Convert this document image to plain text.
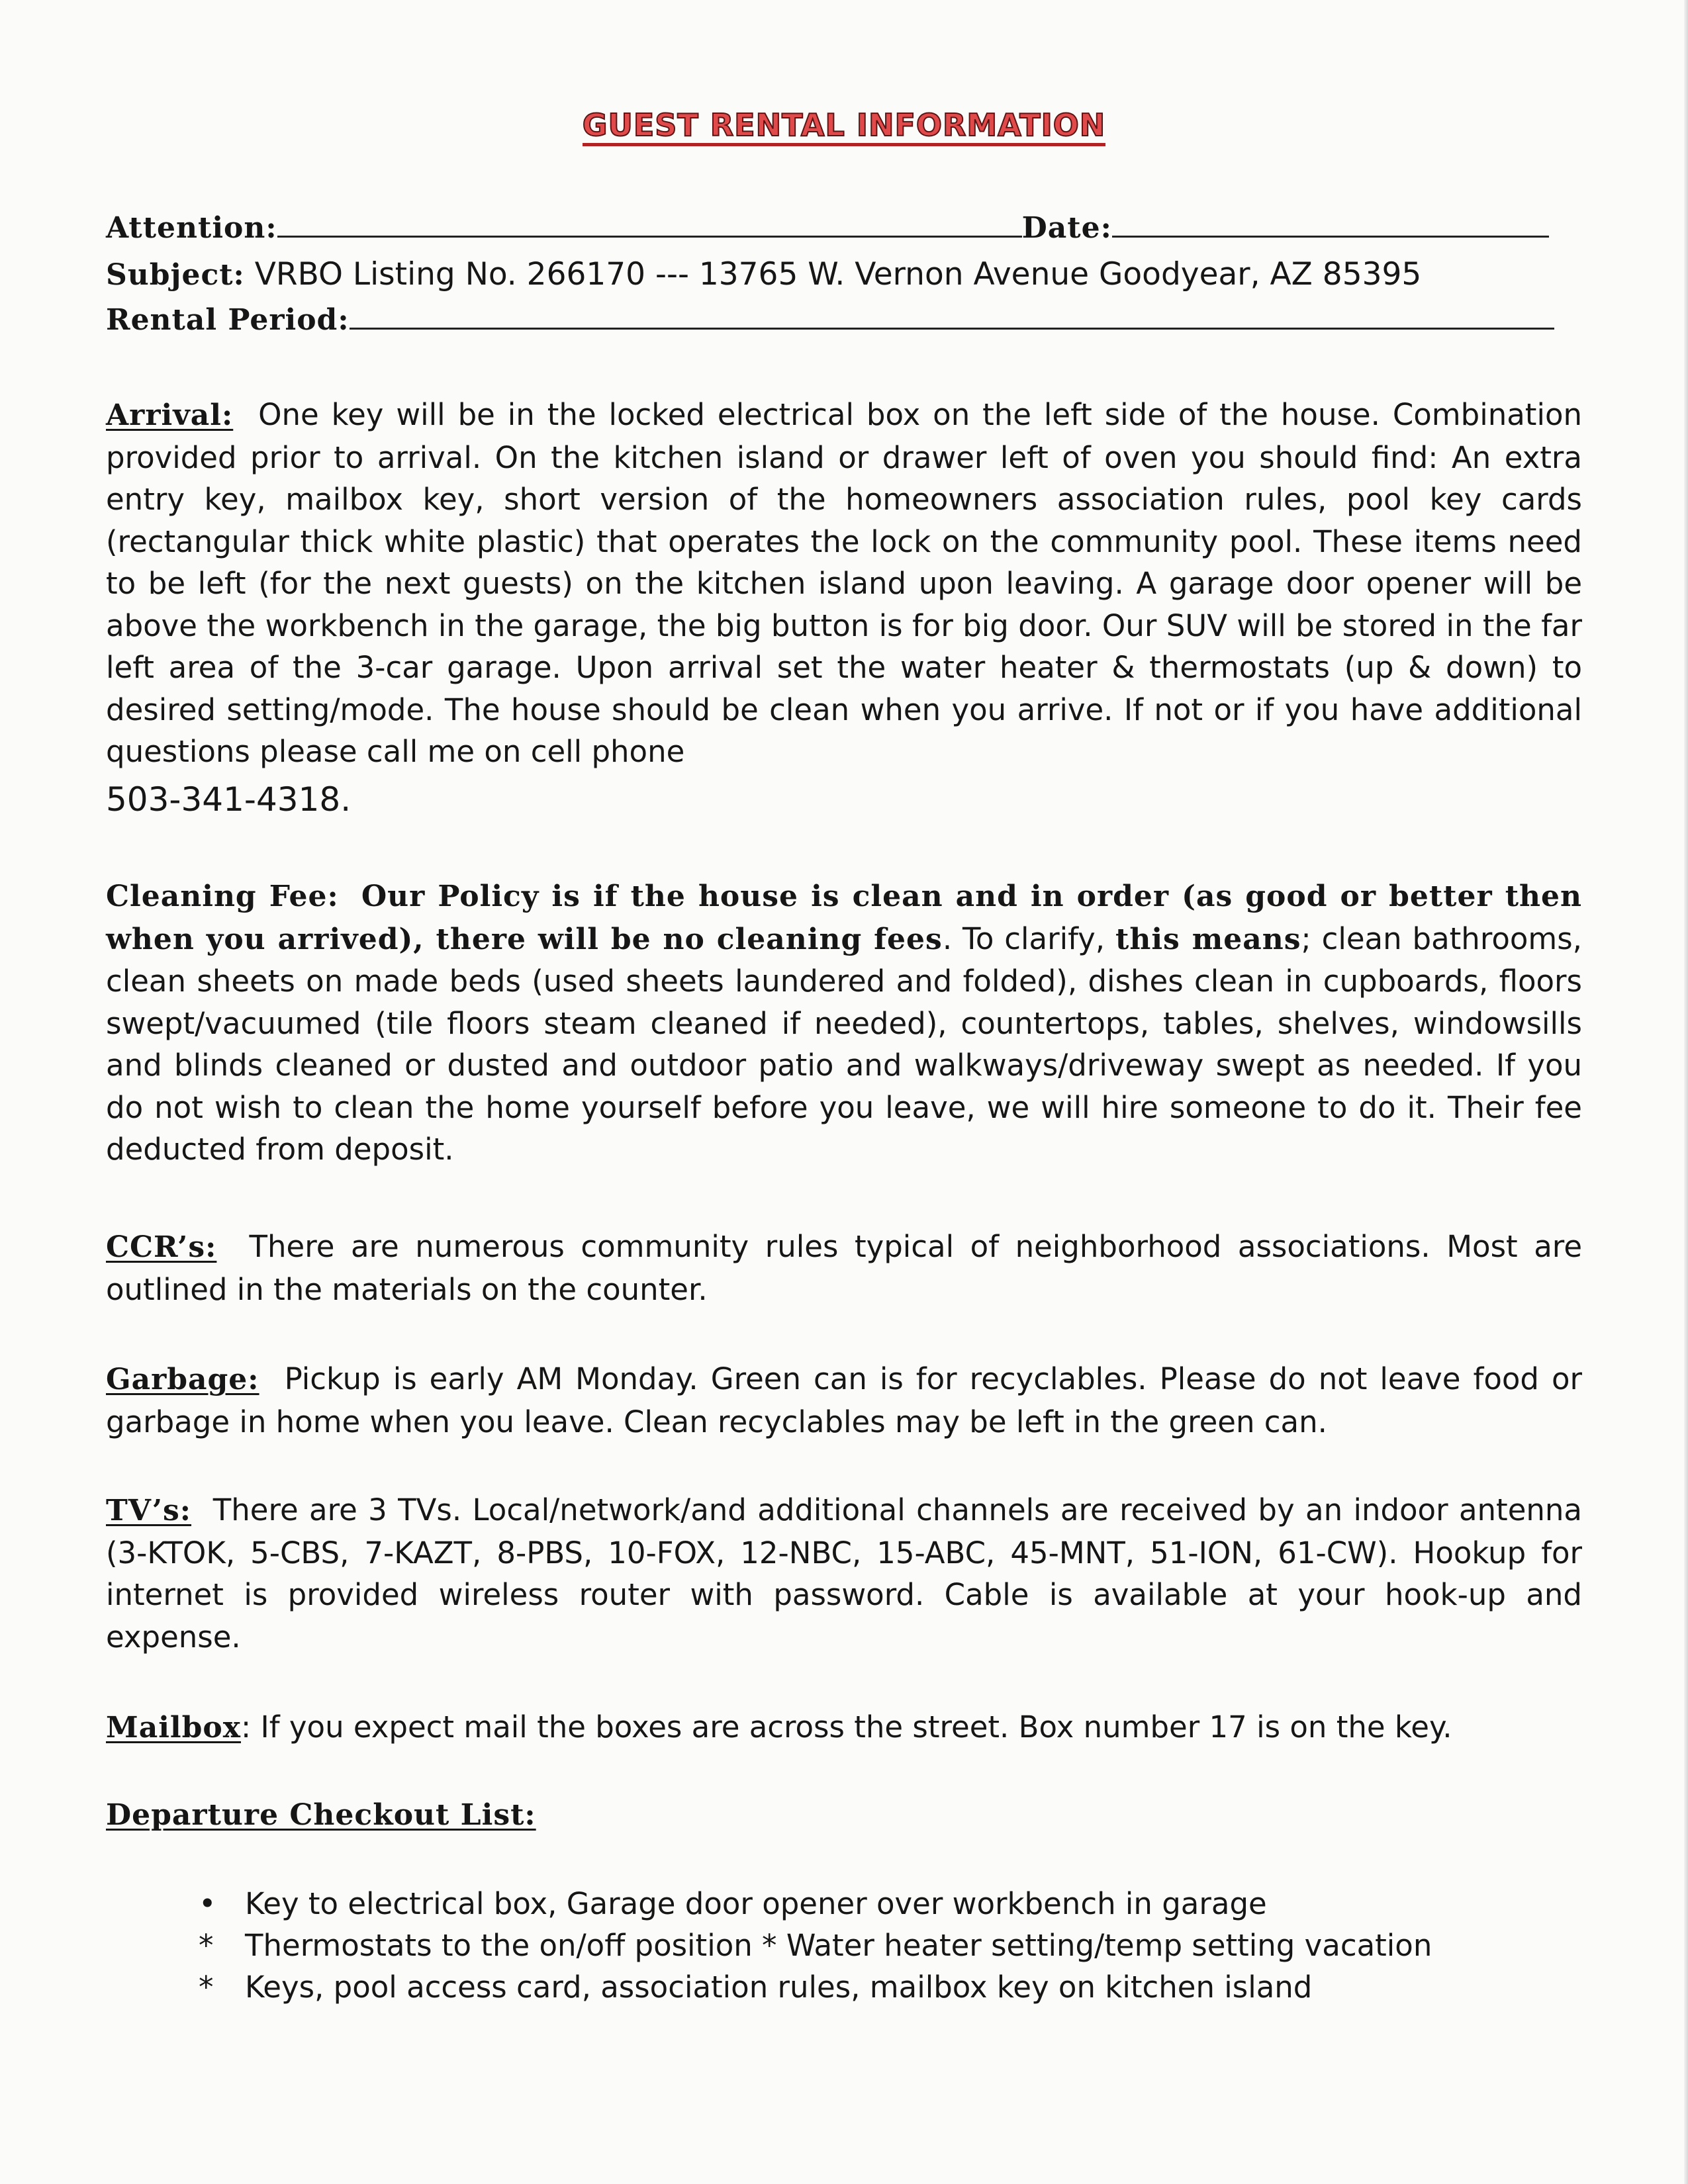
GUEST RENTAL INFORMATION
Attention:	Date:
Subject: VRBO Listing No. 266170 --- 13765 W. Vernon Avenue Goodyear, AZ 85395
Rental Period:
Arrival: One key will be in the locked electrical box on the left side of the house. Combination provided prior to arrival. On the kitchen island or drawer left of oven you should find: An extra entry key, mailbox key, short version of the homeowners association rules, pool key cards (rectangular thick white plastic) that operates the lock on the community pool. These items need to be left (for the next guests) on the kitchen island upon leaving. A garage door opener will be above the workbench in the garage, the big button is for big door. Our SUV will be stored in the far left area of the 3-car garage. Upon arrival set the water heater & thermostats (up & down) to desired setting/mode. The house should be clean when you arrive. If not or if you have additional questions please call me on cell phone
503-341-4318.
Cleaning Fee: Our Policy is if the house is clean and in order (as good or better then when you arrived), there will be no cleaning fees. To clarify, this means; clean bathrooms, clean sheets on made beds (used sheets laundered and folded), dishes clean in cupboards, floors swept/vacuumed (tile floors steam cleaned if needed), countertops, tables, shelves, windowsills and blinds cleaned or dusted and outdoor patio and walkways/driveway swept as needed. If you do not wish to clean the home yourself before you leave, we will hire someone to do it. Their fee deducted from deposit.
CCR’s: There are numerous community rules typical of neighborhood associations. Most are outlined in the materials on the counter.
Garbage: Pickup is early AM Monday. Green can is for recyclables. Please do not leave food or garbage in home when you leave. Clean recyclables may be left in the green can.
TV’s: There are 3 TVs. Local/network/and additional channels are received by an indoor antenna (3-KTOK, 5-CBS, 7-KAZT, 8-PBS, 10-FOX, 12-NBC, 15-ABC, 45-MNT, 51-ION, 61-CW). Hookup for internet is provided wireless router with password. Cable is available at your hook-up and expense.
Mailbox: If you expect mail the boxes are across the street. Box number 17 is on the key.
Departure Checkout List:
• Key to electrical box, Garage door opener over workbench in garage
*	Thermostats to the on/off position * Water heater setting/temp setting vacation
*	Keys, pool access card, association rules, mailbox key on kitchen island
